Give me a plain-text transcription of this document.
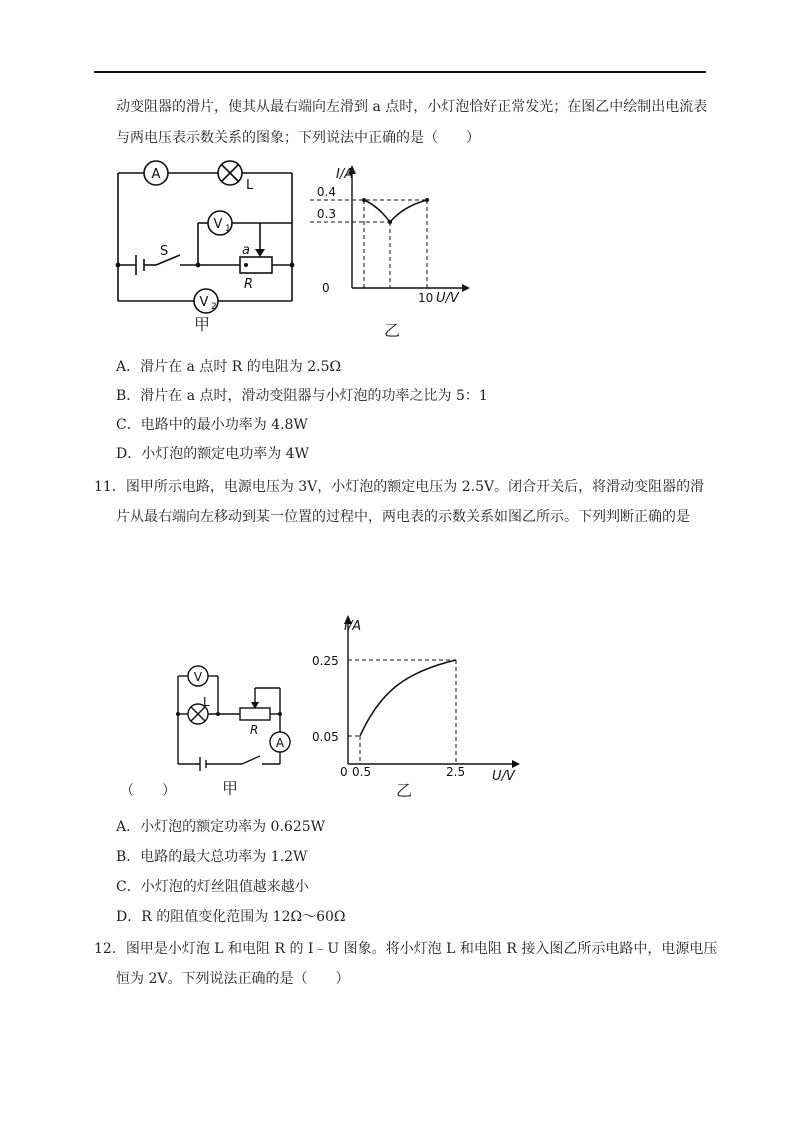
动变阻器的滑片，使其从最右端向左滑到 a 点时，小灯泡恰好正常发光；在图乙中绘制出电流表
与两电压表示数关系的图象；下列说法中正确的是（　　）
A
L
V 1
V 2
S	a
R
甲
I/A
0.4
0.3
0
10 U/V
乙
A．滑片在 a 点时 R 的电阻为 2.5Ω
B．滑片在 a 点时，滑动变阻器与小灯泡的功率之比为 5：1
C．电路中的最小功率为 4.8W
D．小灯泡的额定电功率为 4W
11．图甲所示电路，电源电压为 3V，小灯泡的额定电压为 2.5V。闭合开关后，将滑动变阻器的滑
片从最右端向左移动到某一位置的过程中，两电表的示数关系如图乙所示。下列判断正确的是
V
L
R
A
（　　）	甲
I/A
0.25
0.05
0 0.5	2.5 U/V
乙
A．小灯泡的额定功率为 0.625W
B．电路的最大总功率为 1.2W
C．小灯泡的灯丝阻值越来越小
D．R 的阻值变化范围为 12Ω～60Ω
12．图甲是小灯泡 L 和电阻 R 的 I﹣U 图象。将小灯泡 L 和电阻 R 接入图乙所示电路中，电源电压
恒为 2V。下列说法正确的是（　　）
